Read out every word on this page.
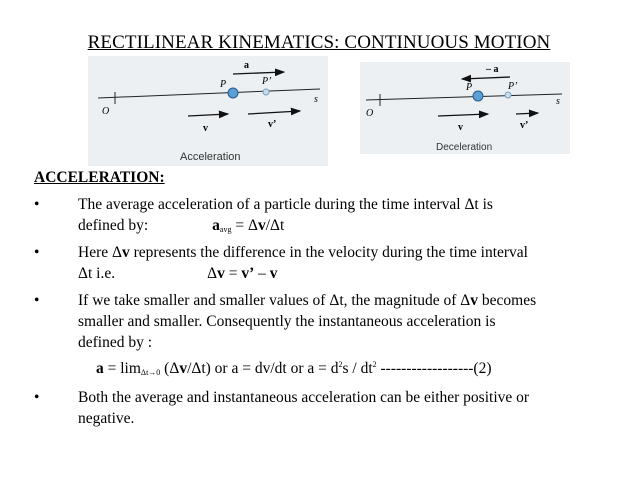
RECTILINEAR KINEMATICS: CONTINUOUS MOTION
O
s
a
P	P’
v	v’
Acceleration
O
s
– a
P	P’
v	v’
Deceleration
ACCELERATION:
• The average acceleration of a particle during the time interval Δt is
defined by:	$a_{avg} = \Delta v/\Delta t$
• Here Δv represents the difference in the velocity during the time interval
Δt i.e.	Δv = v’ – v
• If we take smaller and smaller values of Δt, the magnitude of Δv becomes
smaller and smaller. Consequently the instantaneous acceleration is
defined by :
$a = \lim_{\Delta t\to 0} (\Delta v/\Delta t)$ or a = dv/dt or $a = d^2s / dt^2$ ------------------(2)
• Both the average and instantaneous acceleration can be either positive or
negative.
